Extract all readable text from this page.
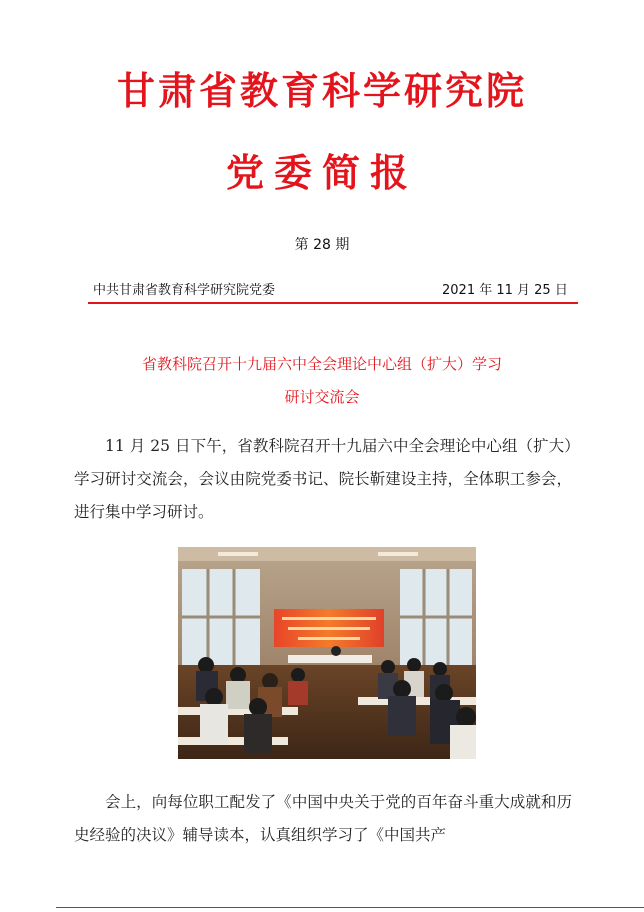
甘肃省教育科学研究院
党委简报
第 28 期
中共甘肃省教育科学研究院党委	2021 年 11 月 25 日
省教科院召开十九届六中全会理论中心组（扩大）学习
研讨交流会
11 月 25 日下午，省教科院召开十九届六中全会理论中心组（扩大）学习研讨交流会，会议由院党委书记、院长靳建设主持，全体职工参会，进行集中学习研讨。
会上，向每位职工配发了《中国中央关于党的百年奋斗重大成就和历史经验的决议》辅导读本，认真组织学习了《中国共产
